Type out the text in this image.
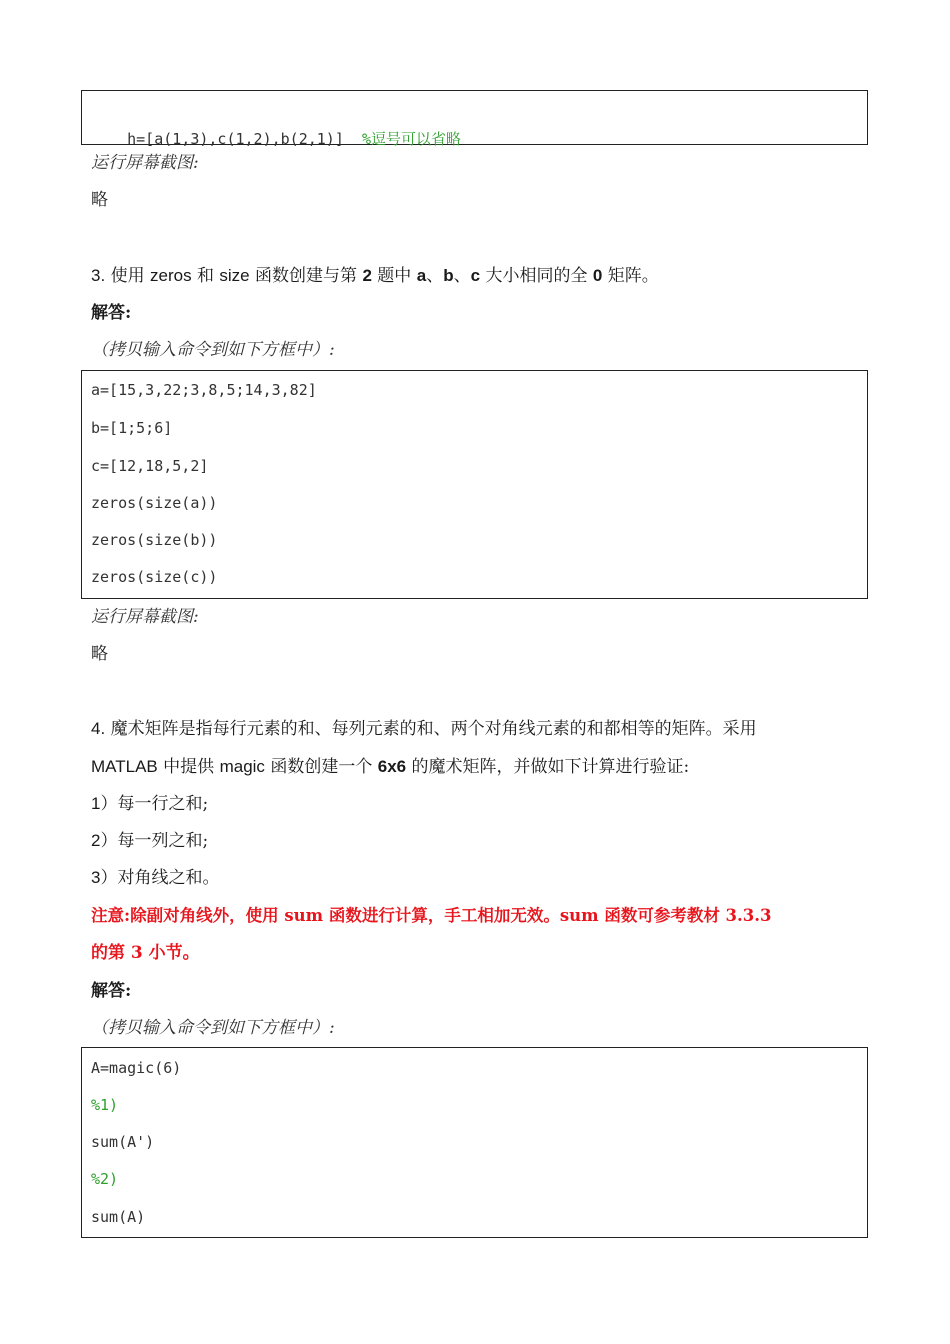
h=[a(1,3),c(1,2),b(2,1)] %逗号可以省略

运行屏幕截图:
略
3. 使用 zeros 和 size 函数创建与第 2 题中 a、b、c 大小相同的全 0 矩阵。
解答:
（拷贝输入命令到如下方框中）:
a=[15,3,22;3,8,5;14,3,82]
b=[1;5;6]
c=[12,18,5,2]
zeros(size(a))
zeros(size(b))
zeros(size(c))
运行屏幕截图:
略
4. 魔术矩阵是指每行元素的和、每列元素的和、两个对角线元素的和都相等的矩阵。采用
MATLAB 中提供 magic 函数创建一个 6x6 的魔术矩阵，并做如下计算进行验证:
1）每一行之和;
2）每一列之和;
3）对角线之和。
注意:除副对角线外，使用 sum 函数进行计算，手工相加无效。sum 函数可参考教材 3.3.3
的第 3 小节。
解答:
（拷贝输入命令到如下方框中）:
A=magic(6)
%1)
sum(A')
%2)
sum(A)
